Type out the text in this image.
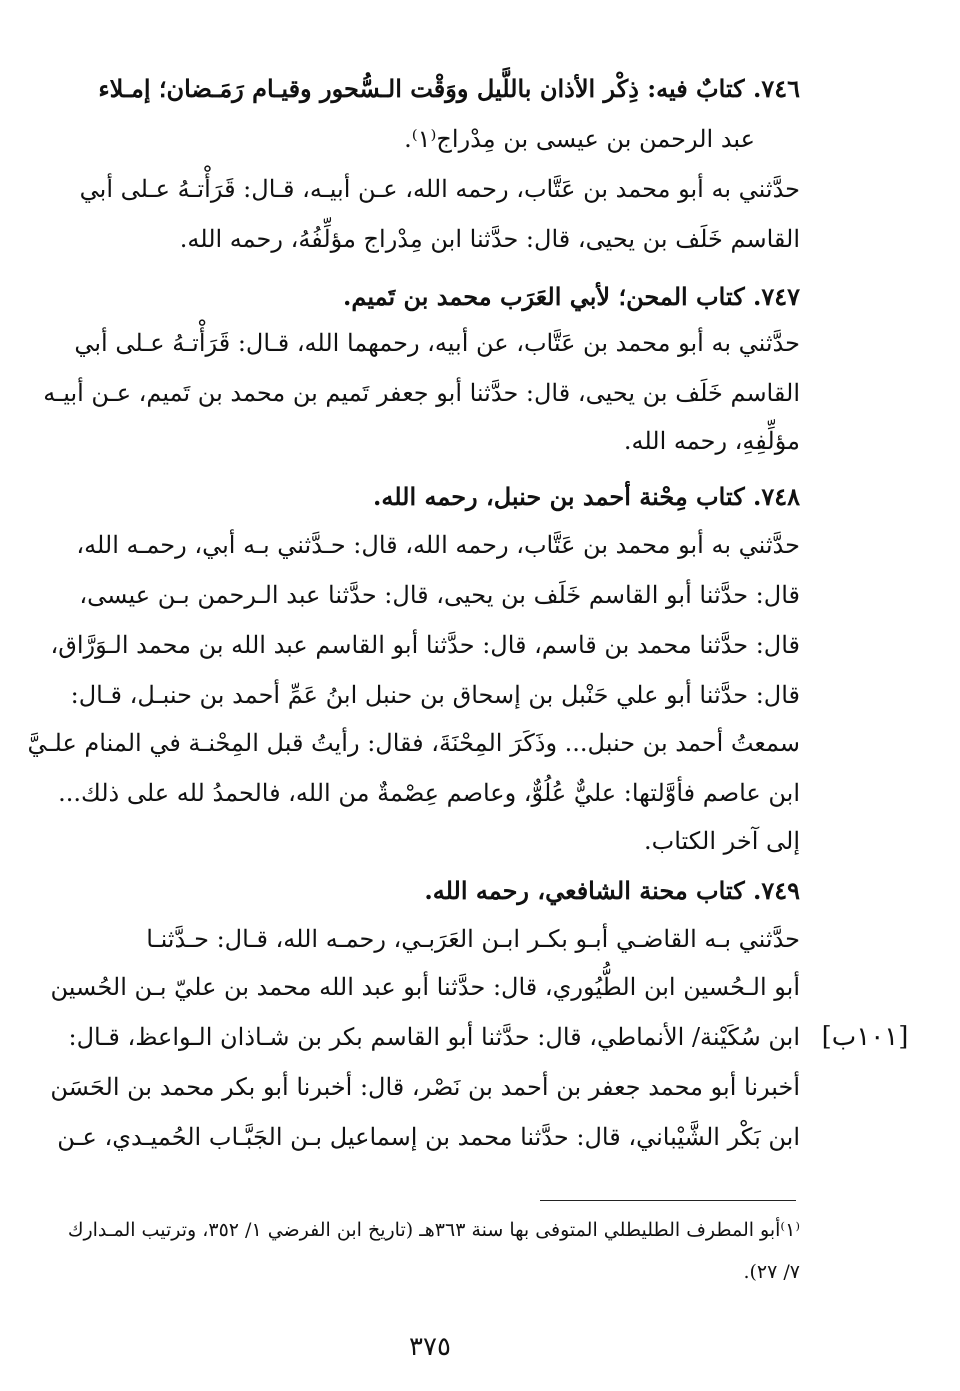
٧٤٦. كتابٌ فيه: ذِكْر الأذان باللَّيل ووَقْت الـسُّحور وقيـام رَمَـضان؛ إمـلاء
عبد الرحمن بن عيسى بن مِدْراج⁽١⁾.
حدَّثني به أبو محمد بن عَتَّاب، رحمه الله، عـن أبيـه، قـال: قَرَأْتـهُ عـلى أبي
القاسم خَلَف بن يحيى، قال: حدَّثنا ابن مِدْراج مؤلِّفُهُ، رحمه الله.
٧٤٧. كتاب المحن؛ لأبي العَرَب محمد بن تَميم.
حدَّثني به أبو محمد بن عَتَّاب، عن أبيه، رحمهما الله، قـال: قَرَأْتـهُ عـلى أبي
القاسم خَلَف بن يحيى، قال: حدَّثنا أبو جعفر تَميم بن محمد بن تَميم، عـن أبيـه
مؤلِّفِهِ، رحمه الله.
٧٤٨. كتاب مِحْنة أحمد بن حنبل، رحمه الله.
حدَّثني به أبو محمد بن عَتَّاب، رحمه الله، قال: حـدَّثني بـه أبي، رحمـه الله،
قال: حدَّثنا أبو القاسم خَلَف بن يحيى، قال: حدَّثنا عبد الـرحمن بـن عيسى،
قال: حدَّثنا محمد بن قاسم، قال: حدَّثنا أبو القاسم عبد الله بن محمد الـوَرَّاق،
قال: حدَّثنا أبو علي حَنْبل بن إسحاق بن حنبل ابنُ عَمِّ أحمد بن حنبـل، قـال:
سمعتُ أحمد بن حنبل... وذَكَرَ المِحْنَةَ، فقال: رأيتُ قبل المِحْنـة في المنام علـيَّ
ابن عاصم فأوَّلتها: عليٌّ عُلُوٌّ، وعاصم عِصْمةٌ من الله، فالحمدُ لله على ذلك...
إلى آخر الكتاب.
٧٤٩. كتاب محنة الشافعي، رحمه الله.
حدَّثني بـه القاضـي أبـو بكـر ابـن العَرَبـي، رحمـه الله، قـال: حـدَّثنـا
أبو الـحُسين ابن الطُّيُوري، قال: حدَّثنا أبو عبد الله محمد بن عليّ بـن الحُسين
ابن سُكَيْنة/ الأنماطي، قال: حدَّثنا أبو القاسم بكر بن شـاذان الـواعظ، قـال:
أخبرنا أبو محمد جعفر بن أحمد بن نَصْر، قال: أخبرنا أبو بكر محمد بن الحَسَن
ابن بَكْر الشَّيْباني، قال: حدَّثنا محمد بن إسماعيل بـن الجَبَّـاب الحُميـدي، عـن
[١٠١ب]
⁽١⁾أبو المطرف الطليطلي المتوفى بها سنة ٣٦٣هـ (تاريخ ابن الفرضي ١/ ٣٥٢، وترتيب المـدارك
٧/ ٢٧).
٣٧٥
